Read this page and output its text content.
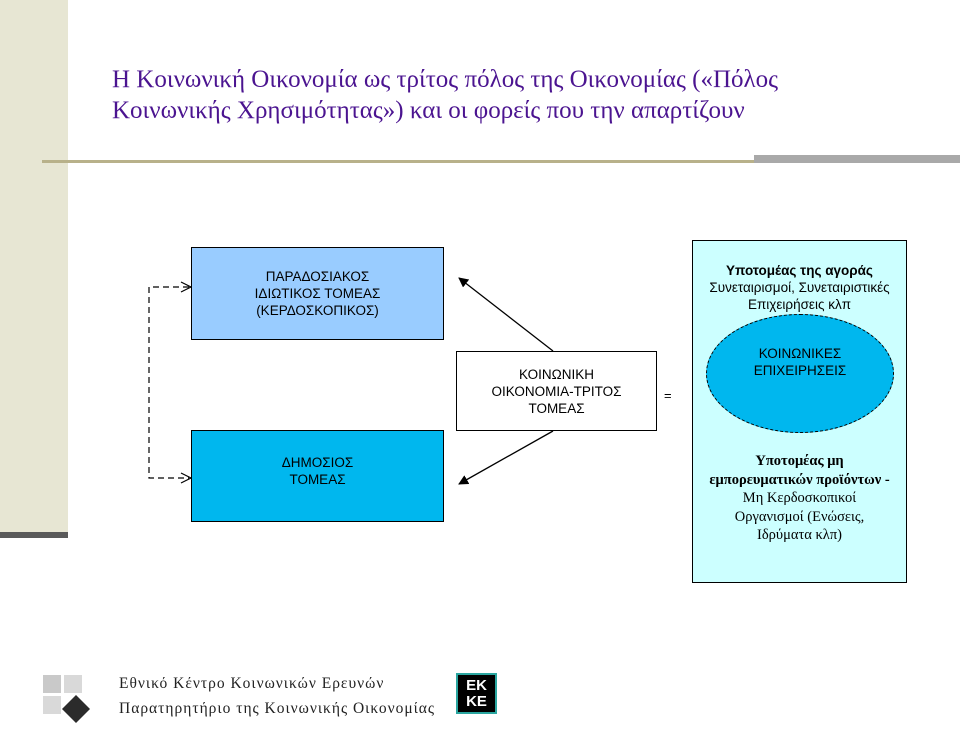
Η Κοινωνική Οικονομία ως τρίτος πόλος της Οικονομίας («Πόλος
Κοινωνικής Χρησιμότητας») και οι φορείς που την απαρτίζουν
ΠΑΡΑΔΟΣΙΑΚΟΣ
ΙΔΙΩΤΙΚΟΣ ΤΟΜΕΑΣ
(ΚΕΡΔΟΣΚΟΠΙΚΟΣ)
ΔΗΜΟΣΙΟΣ
ΤΟΜΕΑΣ
ΚΟΙΝΩΝΙΚΗ
ΟΙΚΟΝΟΜΙΑ-ΤΡΙΤΟΣ
ΤΟΜΕΑΣ
=
Υποτομέας της αγοράς
Συνεταιρισμοί, Συνεταιριστικές
Επιχειρήσεις κλπ
ΚΟΙΝΩΝΙΚΕΣ
ΕΠΙΧΕΙΡΗΣΕΙΣ
Υποτομέας μη
εμπορευματικών προϊόντων -
Μη Κερδοσκοπικοί
Οργανισμοί (Ενώσεις,
Ιδρύματα κλπ)
Εθνικό Κέντρο Κοινωνικών Ερευνών
Παρατηρητήριο της Κοινωνικής Οικονομίας
ΕΚΚΕ
